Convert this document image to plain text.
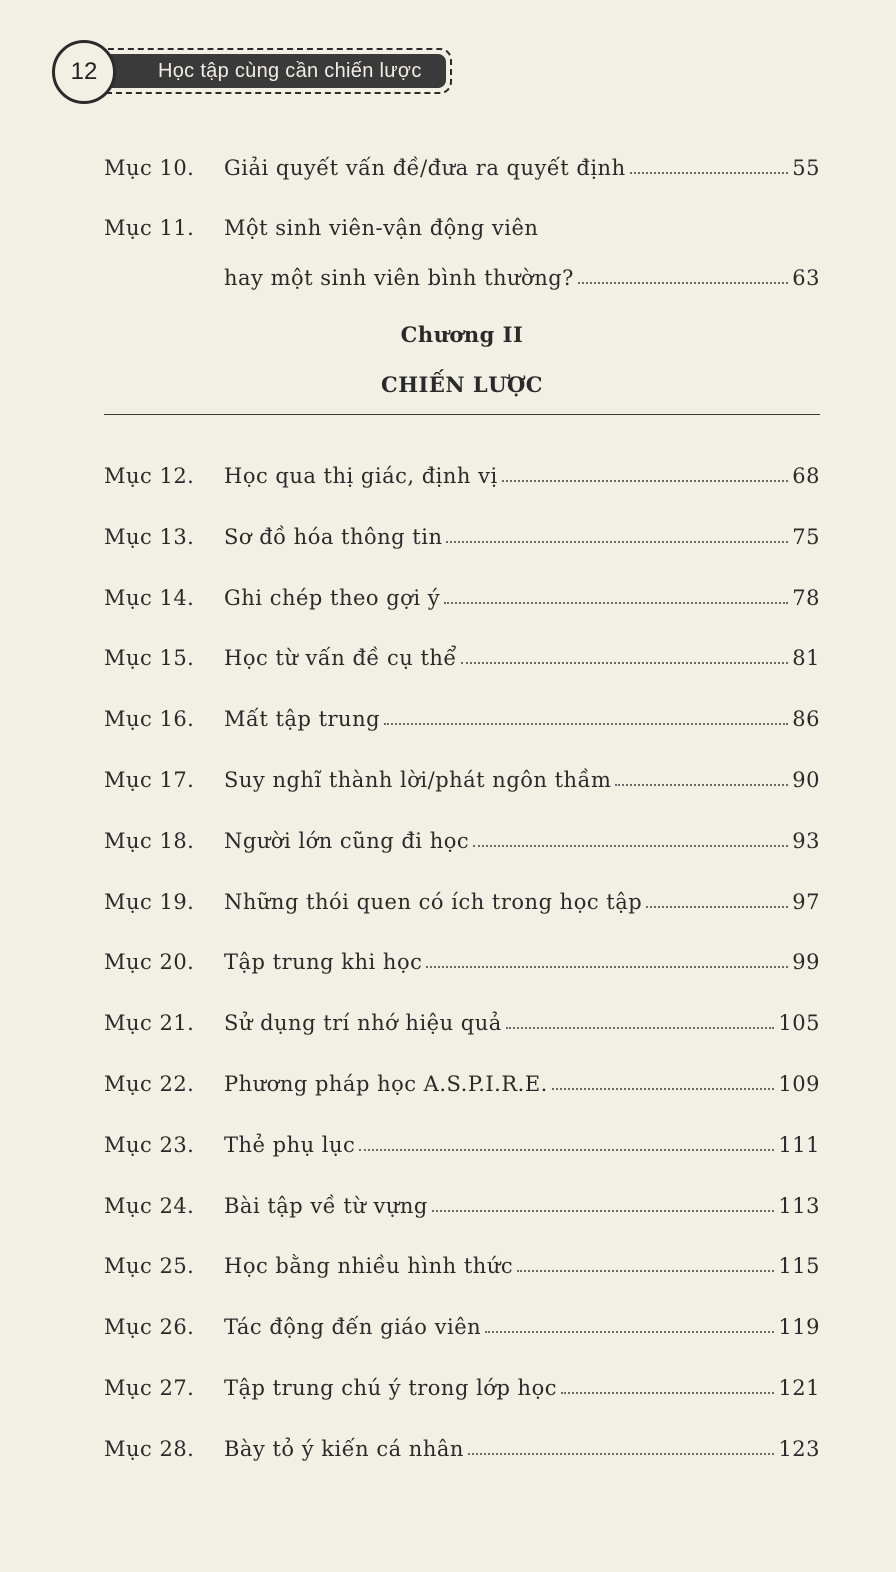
12	Học tập cùng cần chiến lược
Mục 10.	Giải quyết vấn đề/đưa ra quyết định	55
Mục 11.	Một sinh viên-vận động viên
hay một sinh viên bình thường?	63
Chương II
CHIẾN LƯỢC
Mục 12.	Học qua thị giác, định vị	68
Mục 13.	Sơ đồ hóa thông tin	75
Mục 14.	Ghi chép theo gợi ý	78
Mục 15.	Học từ vấn đề cụ thể	81
Mục 16.	Mất tập trung	86
Mục 17.	Suy nghĩ thành lời/phát ngôn thầm	90
Mục 18.	Người lớn cũng đi học	93
Mục 19.	Những thói quen có ích trong học tập	97
Mục 20.	Tập trung khi học	99
Mục 21.	Sử dụng trí nhớ hiệu quả	105
Mục 22.	Phương pháp học A.S.P.I.R.E.	109
Mục 23.	Thẻ phụ lục	111
Mục 24.	Bài tập về từ vựng	113
Mục 25.	Học bằng nhiều hình thức	115
Mục 26.	Tác động đến giáo viên	119
Mục 27.	Tập trung chú ý trong lớp học	121
Mục 28.	Bày tỏ ý kiến cá nhân	123
